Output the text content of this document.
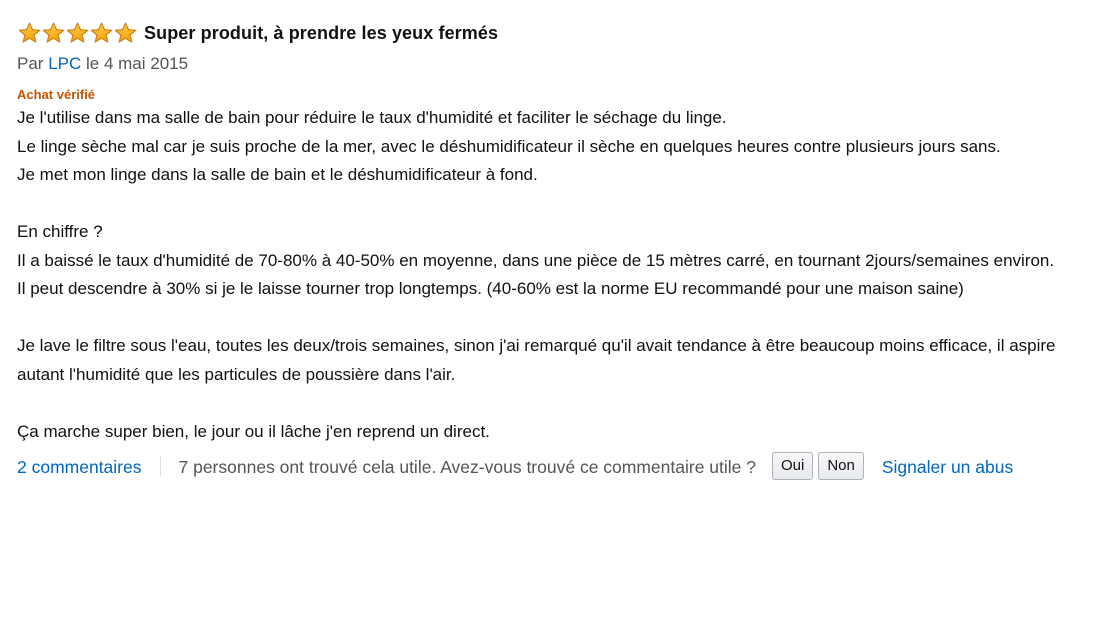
Super produit, à prendre les yeux fermés
Par LPC le 4 mai 2015
Achat vérifié

Je l'utilise dans ma salle de bain pour réduire le taux d'humidité et faciliter le séchage du linge.

Le linge sèche mal car je suis proche de la mer, avec le déshumidificateur il sèche en quelques heures contre plusieurs jours sans.

Je met mon linge dans la salle de bain et le déshumidificateur à fond.

En chiffre ?

Il a baissé le taux d'humidité de 70-80% à 40-50% en moyenne, dans une pièce de 15 mètres carré, en tournant 2jours/semaines environ.

Il peut descendre à 30% si je le laisse tourner trop longtemps. (40-60% est la norme EU recommandé pour une maison saine)

Je lave le filtre sous l'eau, toutes les deux/trois semaines, sinon j'ai remarqué qu'il avait tendance à être beaucoup moins efficace, il aspire autant l'humidité que les particules de poussière dans l'air.

Ça marche super bien, le jour ou il lâche j'en reprend un direct.

2 commentaires 7 personnes ont trouvé cela utile. Avez-vous trouvé ce commentaire utile ? Oui Non Signaler un abus
